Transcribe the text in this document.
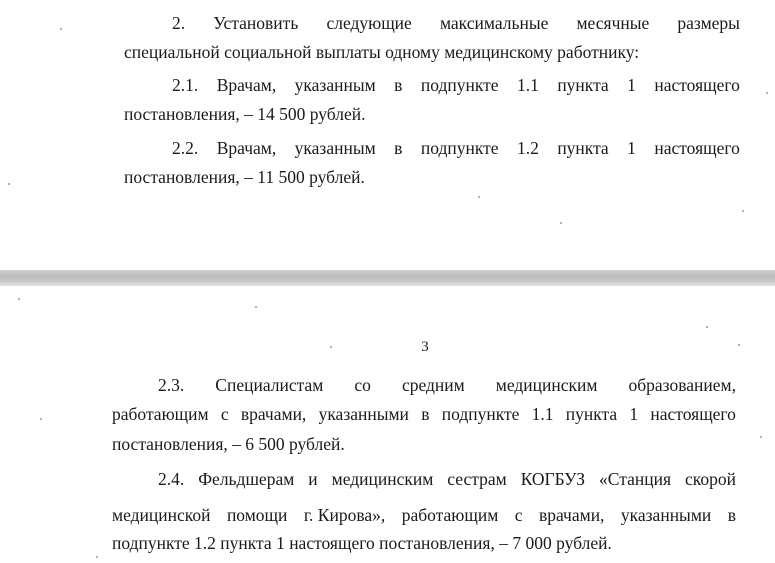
2. Установить следующие максимальные месячные размеры
специальной социальной выплаты одному медицинскому работнику:
2.1. Врачам, указанным в подпункте 1.1 пункта 1 настоящего
постановления, – 14 500 рублей.
2.2. Врачам, указанным в подпункте 1.2 пункта 1 настоящего
постановления, – 11 500 рублей.
3
2.3. Специалистам со средним медицинским образованием,
работающим с врачами, указанными в подпункте 1.1 пункта 1 настоящего
постановления, – 6 500 рублей.
2.4. Фельдшерам и медицинским сестрам КОГБУЗ «Станция скорой
медицинской помощи г. Кирова», работающим с врачами, указанными в
подпункте 1.2 пункта 1 настоящего постановления, – 7 000 рублей.
